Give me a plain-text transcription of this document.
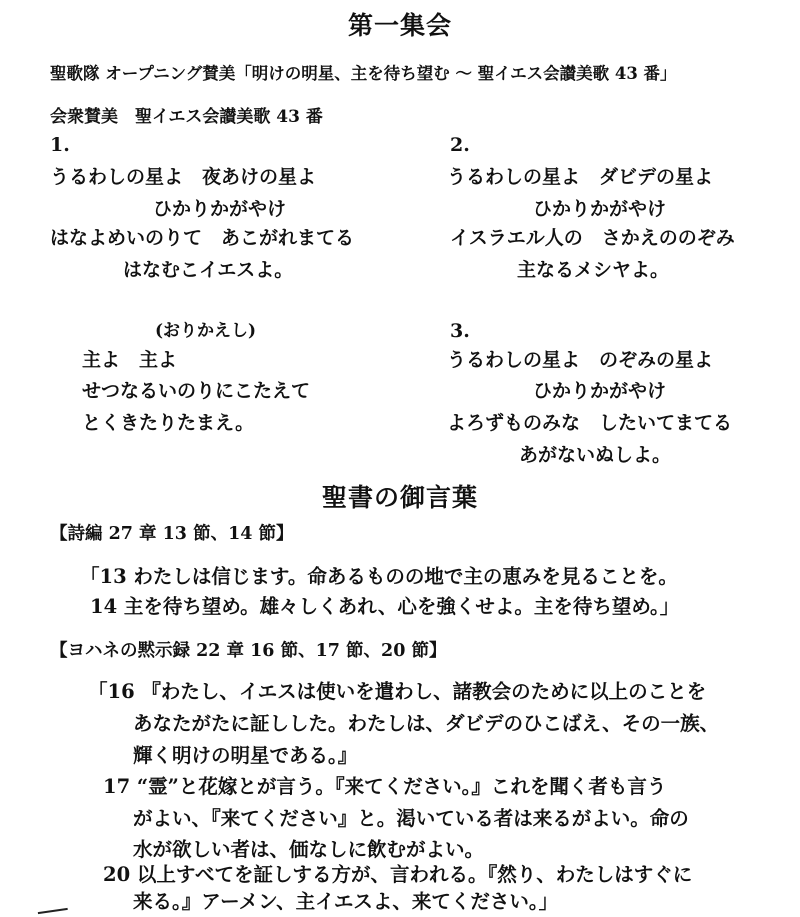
第一集会
聖歌隊 オープニング賛美「明けの明星、主を待ち望む ～ 聖イエス会讃美歌 43 番」
会衆賛美　聖イエス会讃美歌 43 番
1.
うるわしの星よ　夜あけの星よ
ひかりかがやけ
はなよめいのりて　あこがれまてる
はなむこイエスよ。
2.
うるわしの星よ　ダビデの星よ
ひかりかがやけ
イスラエル人の　さかえののぞみ
主なるメシヤよ。
(おりかえし)
主よ　主よ
せつなるいのりにこたえて
とくきたりたまえ。
3.
うるわしの星よ　のぞみの星よ
ひかりかがやけ
よろずものみな　したいてまてる
あがないぬしよ。
聖書の御言葉
【詩編 27 章 13 節、14 節】
「13 わたしは信じます。命あるものの地で主の恵みを見ることを。
14 主を待ち望め。雄々しくあれ、心を強くせよ。主を待ち望め。」
【ヨハネの黙示録 22 章 16 節、17 節、20 節】
「16 『わたし、イエスは使いを遣わし、諸教会のために以上のことを
あなたがたに証しした。わたしは、ダビデのひこばえ、その一族、
輝く明けの明星である。』
17 “霊”と花嫁とが言う。『来てください。』これを聞く者も言う
がよい、『来てください』と。渇いている者は来るがよい。命の
水が欲しい者は、価なしに飲むがよい。
20 以上すべてを証しする方が、言われる。『然り、わたしはすぐに
来る。』アーメン、主イエスよ、来てください。」
